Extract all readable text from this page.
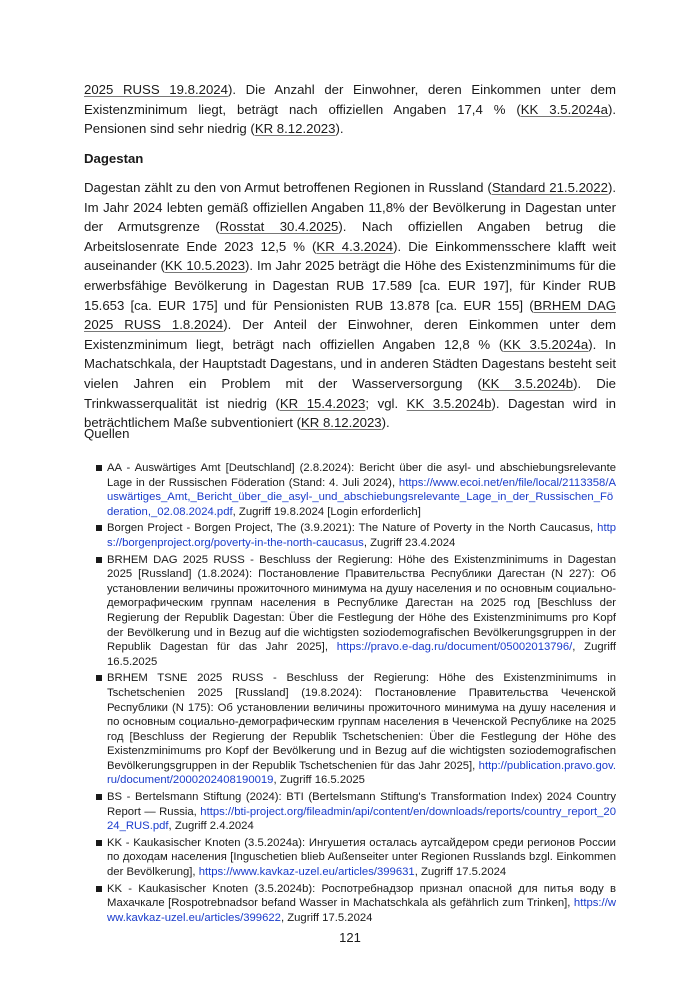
2025 RUSS 19.8.2024). Die Anzahl der Einwohner, deren Einkommen unter dem Existenzminimum liegt, beträgt nach offiziellen Angaben 17,4 % (KK 3.5.2024a). Pensionen sind sehr niedrig (KR 8.12.2023).
Dagestan
Dagestan zählt zu den von Armut betroffenen Regionen in Russland (Standard 21.5.2022). Im Jahr 2024 lebten gemäß offiziellen Angaben 11,8% der Bevölkerung in Dagestan unter der Armutsgrenze (Rosstat 30.4.2025). Nach offiziellen Angaben betrug die Arbeitslosenrate Ende 2023 12,5 % (KR 4.3.2024). Die Einkommensschere klafft weit auseinander (KK 10.5.2023). Im Jahr 2025 beträgt die Höhe des Existenzminimums für die erwerbsfähige Bevölkerung in Dagestan RUB 17.589 [ca. EUR 197], für Kinder RUB 15.653 [ca. EUR 175] und für Pensionisten RUB 13.878 [ca. EUR 155] (BRHEM DAG 2025 RUSS 1.8.2024). Der Anteil der Einwohner, deren Einkommen unter dem Existenzminimum liegt, beträgt nach offiziellen Angaben 12,8 % (KK 3.5.2024a). In Machatschkala, der Hauptstadt Dagestans, und in anderen Städten Dagestans besteht seit vielen Jahren ein Problem mit der Wasserversorgung (KK 3.5.2024b). Die Trinkwasserqualität ist niedrig (KR 15.4.2023; vgl. KK 3.5.2024b). Dagestan wird in beträchtlichem Maße subventioniert (KR 8.12.2023).
Quellen
AA - Auswärtiges Amt [Deutschland] (2.8.2024): Bericht über die asyl- und abschiebungsrelevante Lage in der Russischen Föderation (Stand: 4. Juli 2024), https://www.ecoi.net/en/file/local/2113358/Auswärtiges_Amt,_Bericht_über_die_asyl-_und_abschiebungsrelevante_Lage_in_der_Russischen_Föderation,_02.08.2024.pdf, Zugriff 19.8.2024 [Login erforderlich]
Borgen Project - Borgen Project, The (3.9.2021): The Nature of Poverty in the North Caucasus, https://borgenproject.org/poverty-in-the-north-caucasus, Zugriff 23.4.2024
BRHEM DAG 2025 RUSS - Beschluss der Regierung: Höhe des Existenzminimums in Dagestan 2025 [Russland] (1.8.2024): Постановление Правительства Республики Дагестан (N 227): Об установлении величины прожиточного минимума на душу населения и по основным социально-демографическим группам населения в Республике Дагестан на 2025 год [Beschluss der Regierung der Republik Dagestan: Über die Festlegung der Höhe des Existenzminimums pro Kopf der Bevölkerung und in Bezug auf die wichtigsten soziodemografischen Bevölkerungsgruppen in der Republik Dagestan für das Jahr 2025], https://pravo.e-dag.ru/document/05002013796/, Zugriff 16.5.2025
BRHEM TSNE 2025 RUSS - Beschluss der Regierung: Höhe des Existenzminimums in Tschetschenien 2025 [Russland] (19.8.2024): Постановление Правительства Чеченской Республики (N 175): Об установлении величины прожиточного минимума на душу населения и по основным социально-демографическим группам населения в Чеченской Республике на 2025 год [Beschluss der Regierung der Republik Tschetschenien: Über die Festlegung der Höhe des Existenzminimums pro Kopf der Bevölkerung und in Bezug auf die wichtigsten soziodemografischen Bevölkerungsgruppen in der Republik Tschetschenien für das Jahr 2025], http://publication.pravo.gov.ru/document/2000202408190019, Zugriff 16.5.2025
BS - Bertelsmann Stiftung (2024): BTI (Bertelsmann Stiftung's Transformation Index) 2024 Country Report — Russia, https://bti-project.org/fileadmin/api/content/en/downloads/reports/country_report_2024_RUS.pdf, Zugriff 2.4.2024
KK - Kaukasischer Knoten (3.5.2024a): Ингушетия осталась аутсайдером среди регионов России по доходам населения [Inguschetien blieb Außenseiter unter Regionen Russlands bzgl. Einkommen der Bevölkerung], https://www.kavkaz-uzel.eu/articles/399631, Zugriff 17.5.2024
KK - Kaukasischer Knoten (3.5.2024b): Роспотребнадзор признал опасной для питья воду в Махачкале [Rospotrebnadsor befand Wasser in Machatschkala als gefährlich zum Trinken], https://www.kavkaz-uzel.eu/articles/399622, Zugriff 17.5.2024
121
